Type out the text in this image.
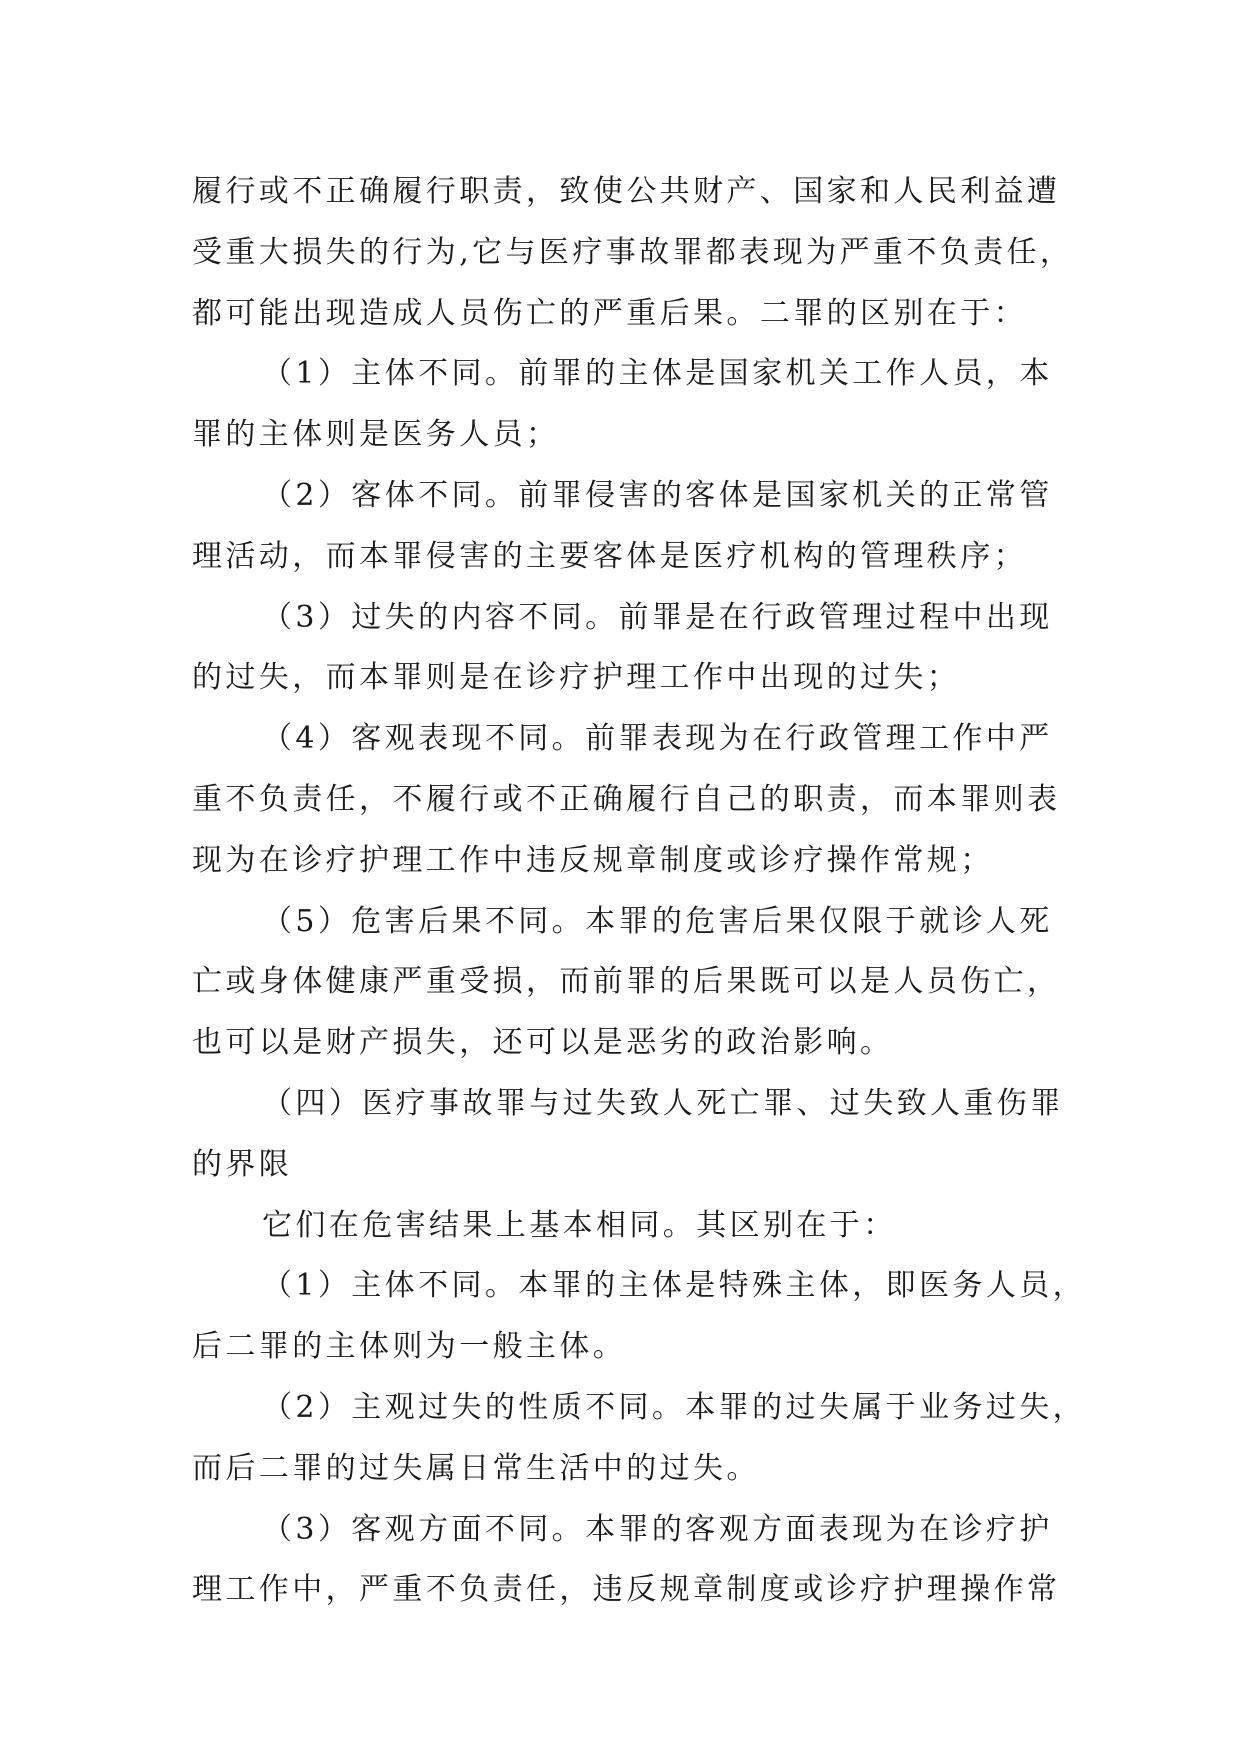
履行或不正确履行职责，致使公共财产、国家和人民利益遭
受重大损失的行为,它与医疗事故罪都表现为严重不负责任，
都可能出现造成人员伤亡的严重后果。二罪的区别在于：
（1）主体不同。前罪的主体是国家机关工作人员，本
罪的主体则是医务人员；
（2）客体不同。前罪侵害的客体是国家机关的正常管
理活动，而本罪侵害的主要客体是医疗机构的管理秩序；
（3）过失的内容不同。前罪是在行政管理过程中出现
的过失，而本罪则是在诊疗护理工作中出现的过失；
（4）客观表现不同。前罪表现为在行政管理工作中严
重不负责任，不履行或不正确履行自己的职责，而本罪则表
现为在诊疗护理工作中违反规章制度或诊疗操作常规；
（5）危害后果不同。本罪的危害后果仅限于就诊人死
亡或身体健康严重受损，而前罪的后果既可以是人员伤亡，
也可以是财产损失，还可以是恶劣的政治影响。
（四）医疗事故罪与过失致人死亡罪、过失致人重伤罪
的界限
它们在危害结果上基本相同。其区别在于：
（1）主体不同。本罪的主体是特殊主体，即医务人员，
后二罪的主体则为一般主体。
（2）主观过失的性质不同。本罪的过失属于业务过失，
而后二罪的过失属日常生活中的过失。
（3）客观方面不同。本罪的客观方面表现为在诊疗护
理工作中，严重不负责任，违反规章制度或诊疗护理操作常
